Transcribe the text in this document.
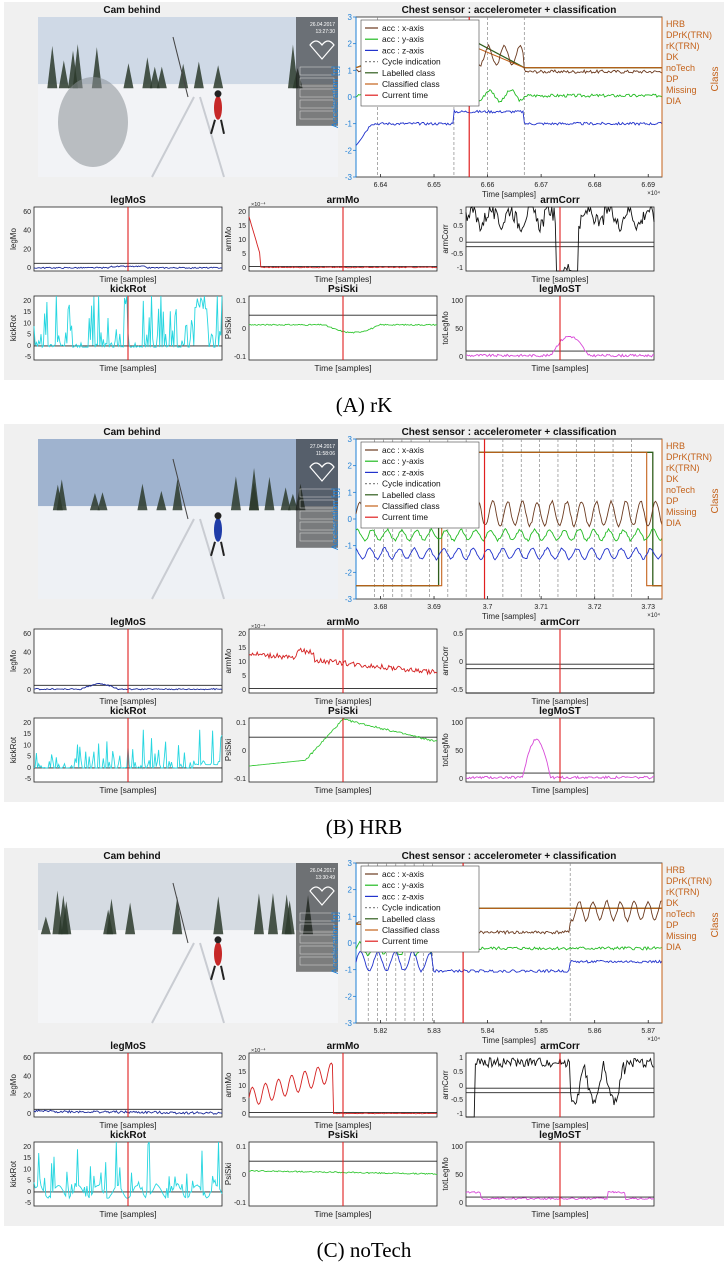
Cam behind
26.04.2017
13:27:30
Chest sensor : accelerometer + classification
3
2
1
0
-1
-2
-3
Acceleration [g]
6.64	6.65	6.66	6.67	6.68	6.69
×10⁴
Time [samples]
acc : x-axis
acc : y-axis
acc : z-axis
Cycle indication
Labelled class
Classified class
Current time
HRB
DPrK(TRN)
rK(TRN)
DK
noTech
DP
Missing
DIA
Class
legMoS
60
40
20
0
legMo
Time [samples]
armMo
20
15
10
5
0
×10⁻⁴
armMo
Time [samples]
armCorr
1
0.5
0
-0.5
-1
armCorr
Time [samples]
kickRot
20
15
10
5
0
-5
kickRot
Time [samples]
PsiSki
0.1
0
-0.1
PsiSki
Time [samples]
legMoST
100
50
0
totLegMo
Time [samples]
(A) rK
Cam behind
27.04.2017
11:58:06
Chest sensor : accelerometer + classification
3
2
1
0
-1
-2
-3
Acceleration [g]
3.68	3.69	3.7	3.71	3.72	3.73
×10⁴
Time [samples]
acc : x-axis
acc : y-axis
acc : z-axis
Cycle indication
Labelled class
Classified class
Current time
HRB
DPrK(TRN)
rK(TRN)
DK
noTech
DP
Missing
DIA
Class
legMoS
60
40
20
0
legMo
Time [samples]
armMo
20
15
10
5
0
×10⁻⁴
armMo
Time [samples]
armCorr
0.5
0
-0.5
armCorr
Time [samples]
kickRot
20
15
10
5
0
-5
kickRot
Time [samples]
PsiSki
0.1
0
-0.1
PsiSki
Time [samples]
legMoST
100
50
0
totLegMo
Time [samples]
(B) HRB
Cam behind
26.04.2017
13:30:49
Chest sensor : accelerometer + classification
3
2
1
0
-1
-2
-3
Acceleration [g]
5.82	5.83	5.84	5.85	5.86	5.87
×10⁴
Time [samples]
acc : x-axis
acc : y-axis
acc : z-axis
Cycle indication
Labelled class
Classified class
Current time
HRB
DPrK(TRN)
rK(TRN)
DK
noTech
DP
Missing
DIA
Class
legMoS
60
40
20
0
legMo
Time [samples]
armMo
20
15
10
5
0
×10⁻⁴
armMo
Time [samples]
armCorr
1
0.5
0
-0.5
-1
armCorr
Time [samples]
kickRot
20
15
10
5
0
-5
kickRot
Time [samples]
PsiSki
0.1
0
-0.1
PsiSki
Time [samples]
legMoST
100
50
0
totLegMo
Time [samples]
(C) noTech
